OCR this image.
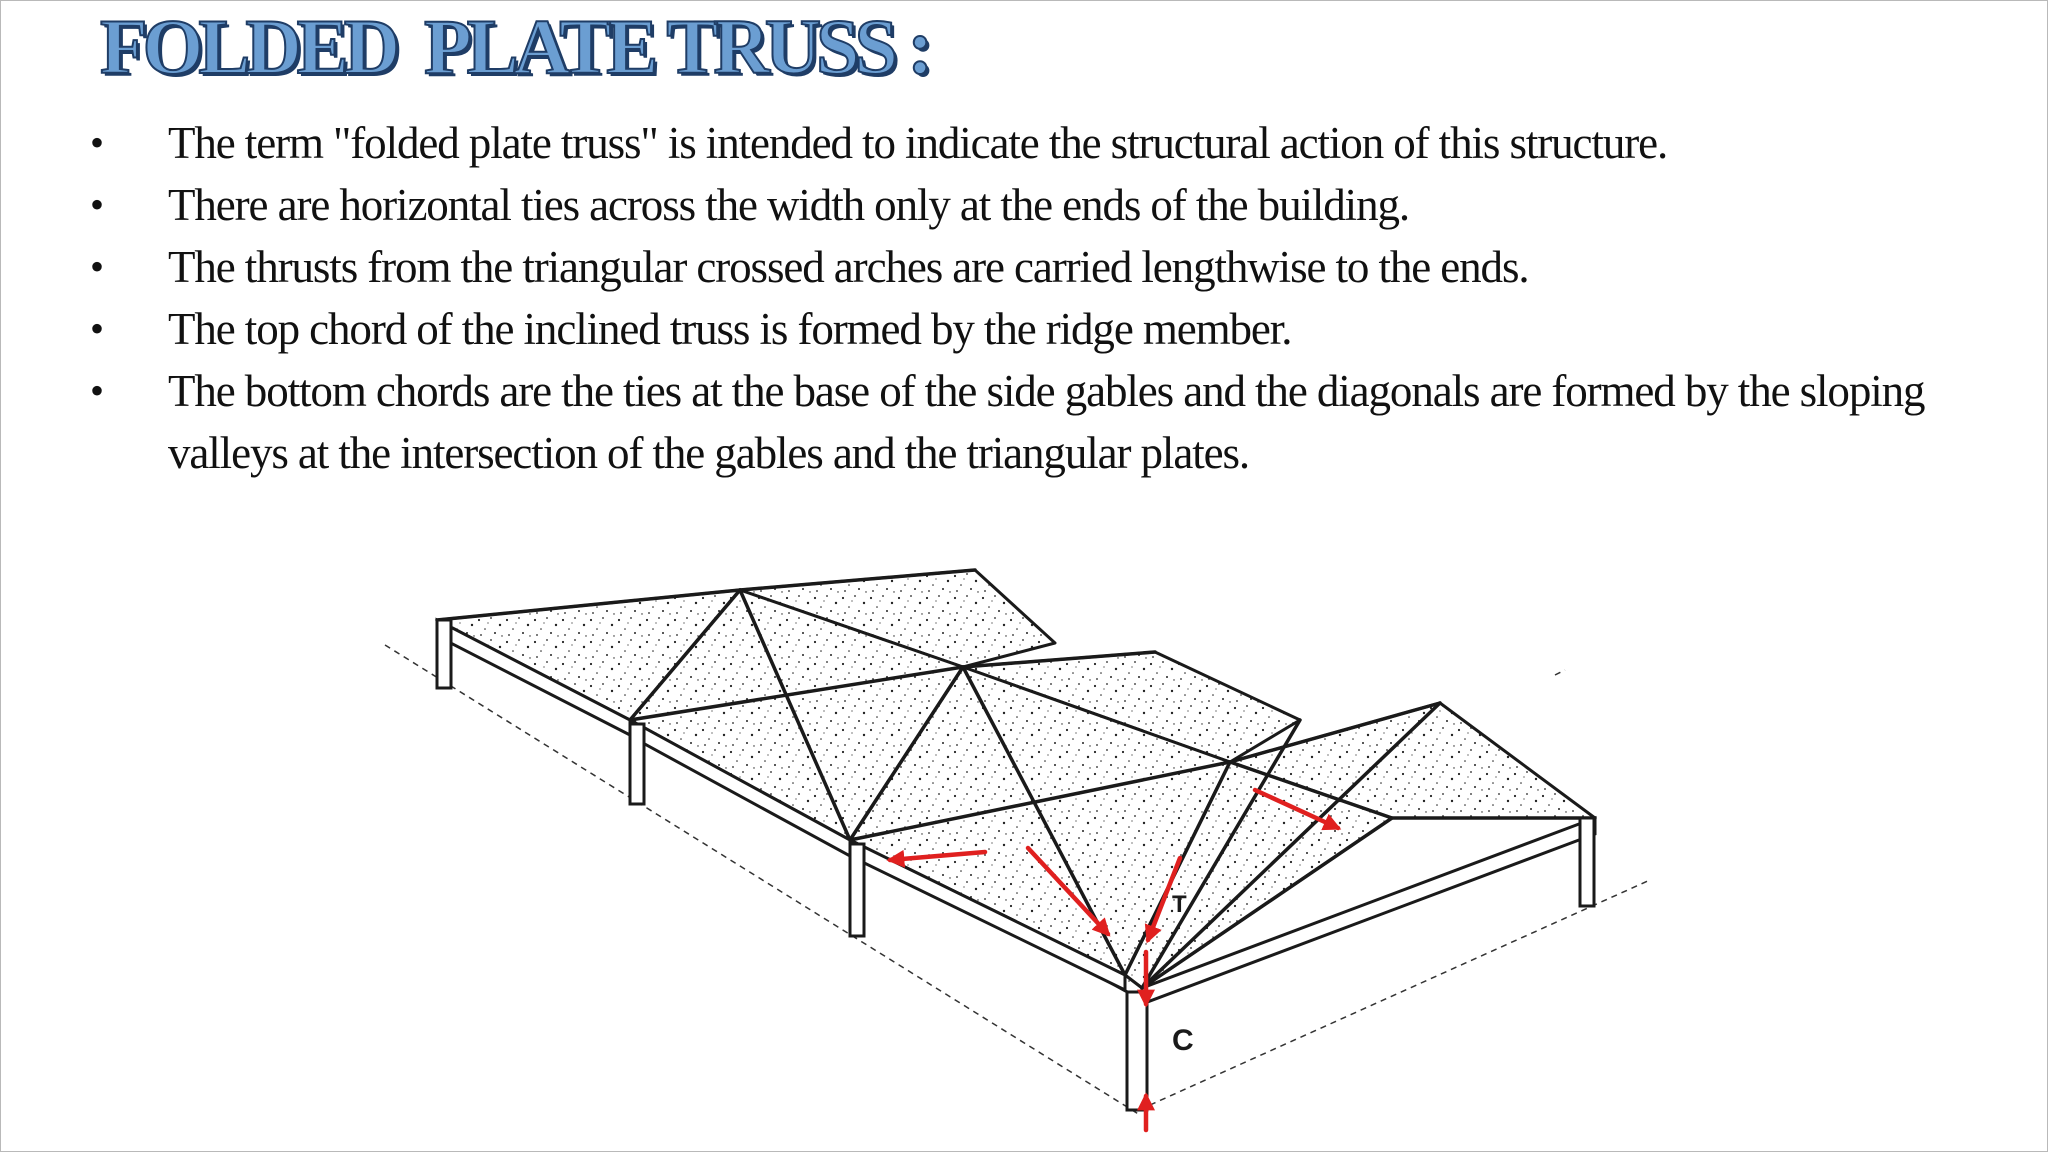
FOLDED  PLATE TRUSS :
• The term "folded plate truss" is intended to indicate the structural action of this structure.
• There are horizontal ties across the width only at the ends of the building.
• The thrusts from the triangular crossed arches are carried lengthwise to the ends.
• The top chord of the inclined truss is formed by the ridge member.
• The bottom chords are the ties at the base of the side gables and the diagonals are formed by the sloping valleys at the intersection of the gables and the triangular plates.
T
C
